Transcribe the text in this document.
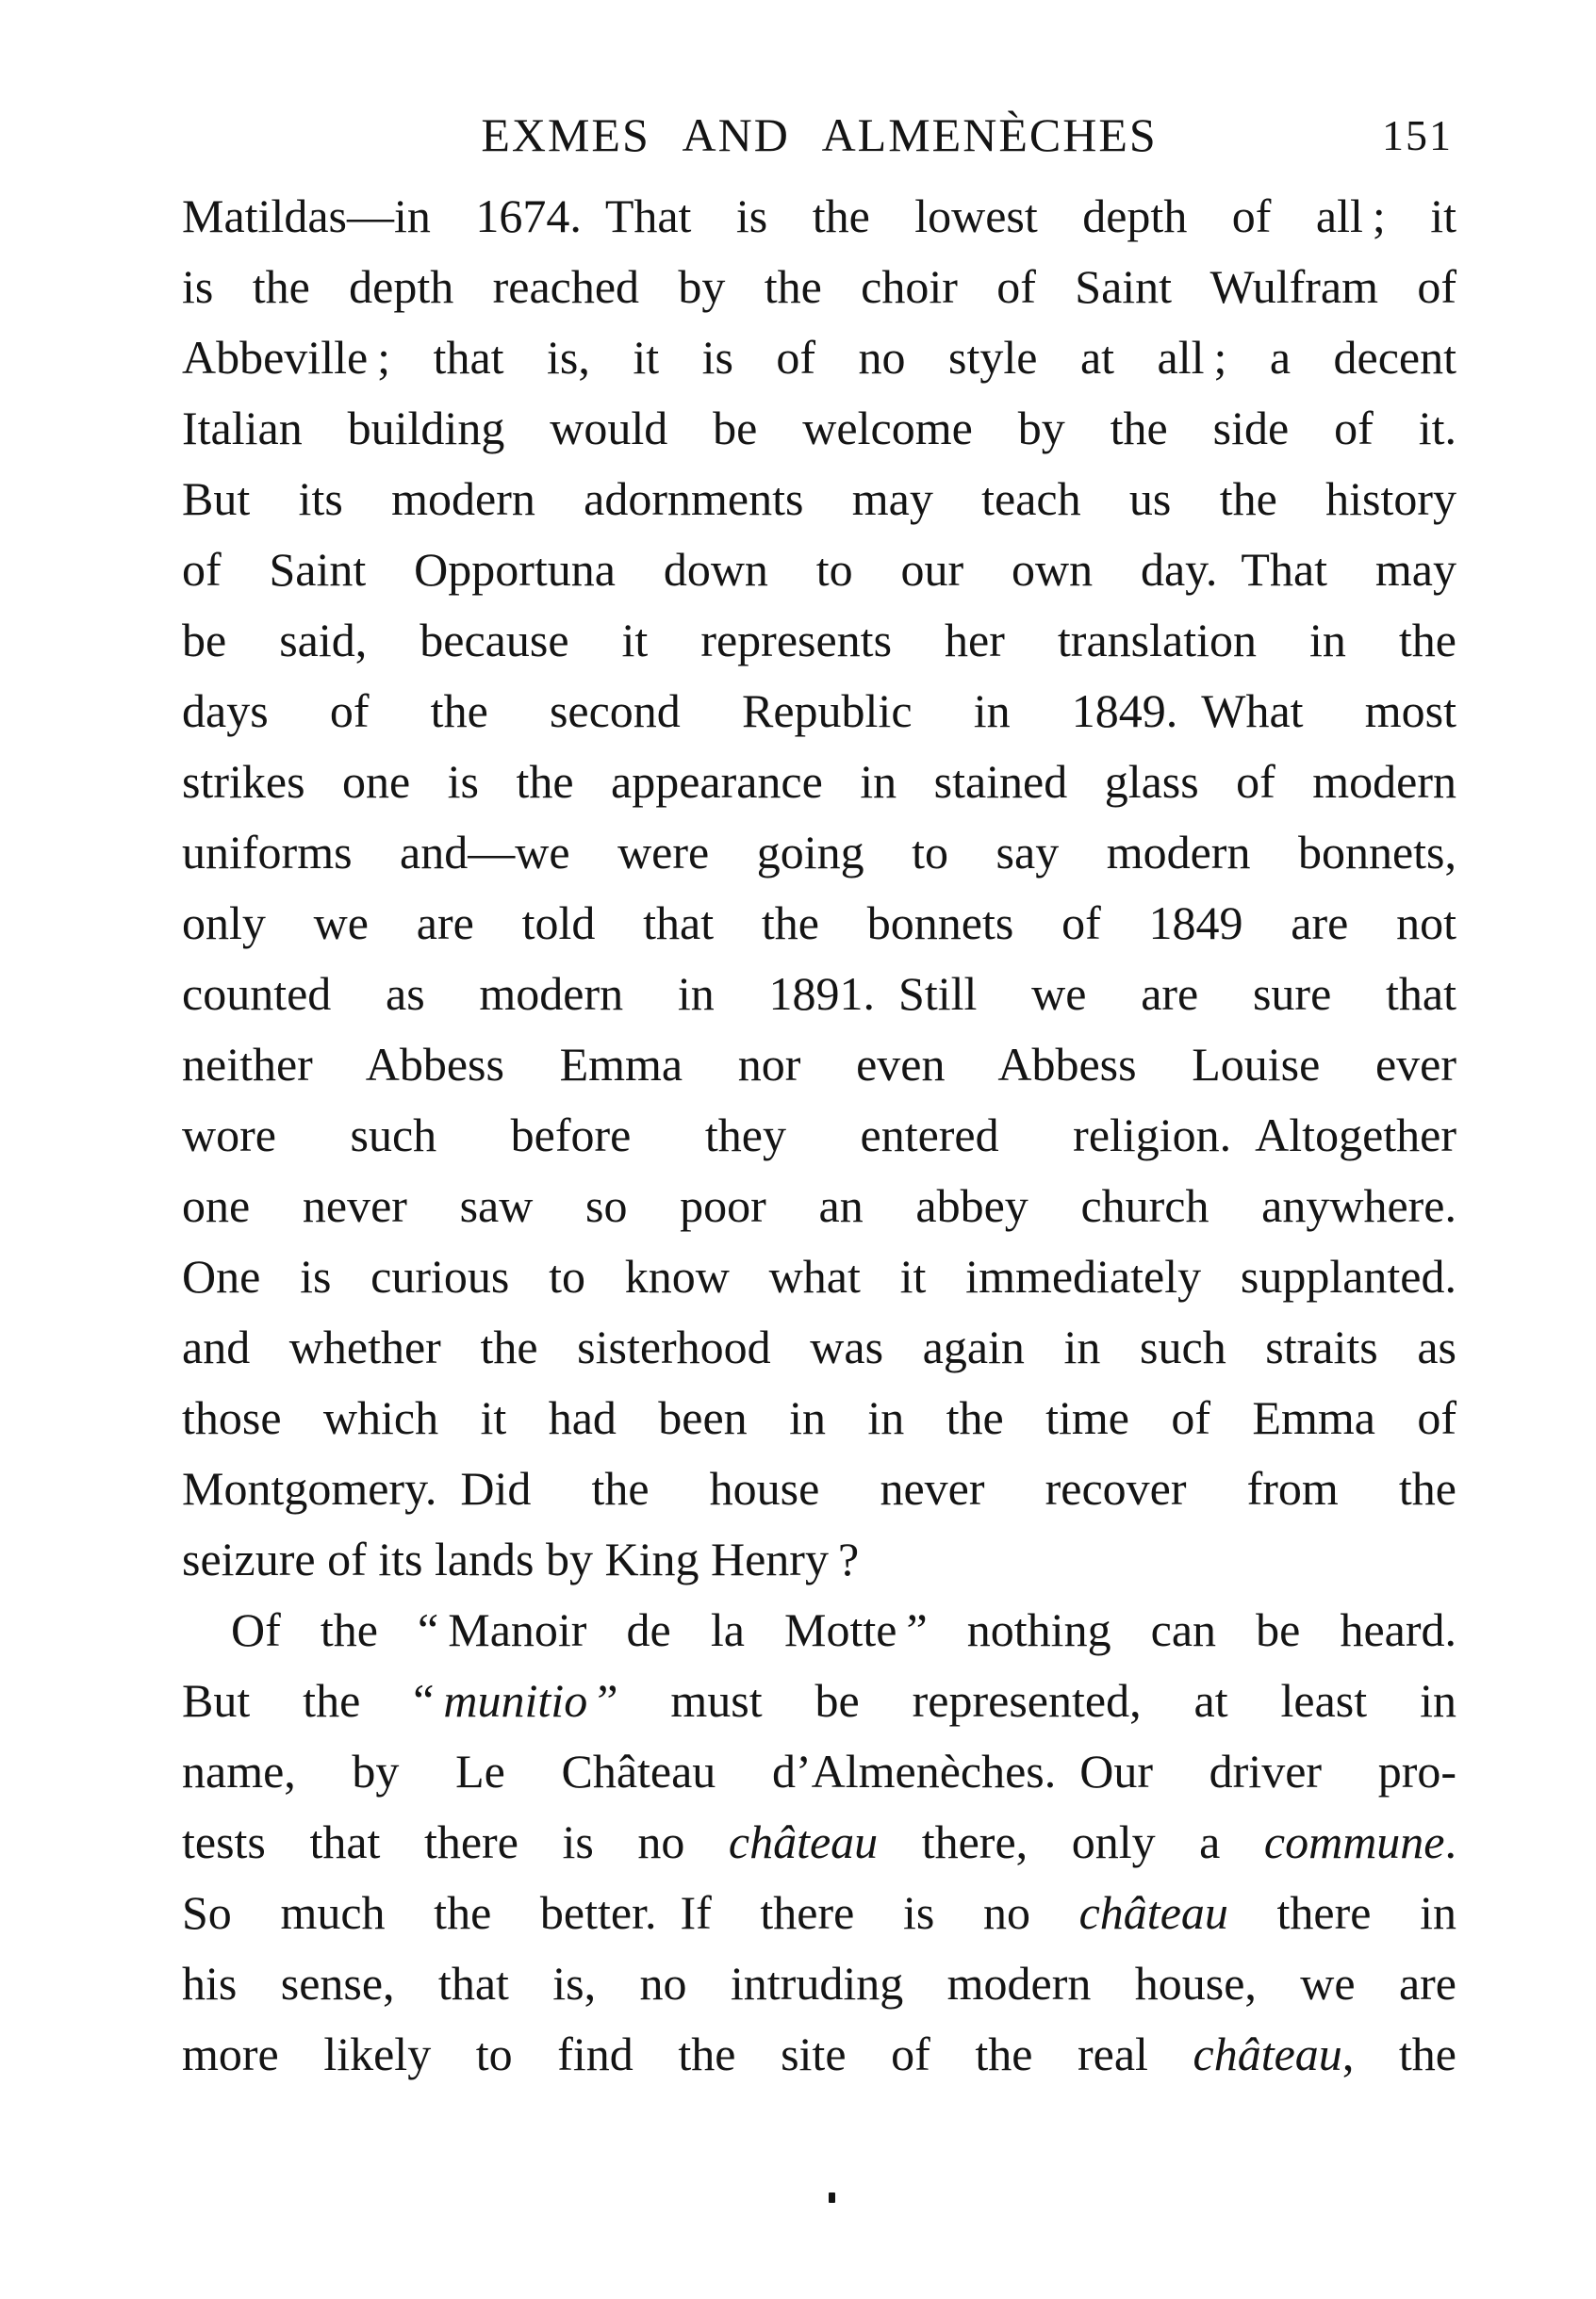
EXMES AND ALMENÈCHES	151
Matildas—in 1674. That is the lowest depth of all ; it
is the depth reached by the choir of Saint Wulfram of
Abbeville ; that is, it is of no style at all ; a decent
Italian building would be welcome by the side of it.
But its modern adornments may teach us the history
of Saint Opportuna down to our own day. That may
be said, because it represents her translation in the
days of the second Republic in 1849. What most
strikes one is the appearance in stained glass of modern
uniforms and—we were going to say modern bonnets,
only we are told that the bonnets of 1849 are not
counted as modern in 1891. Still we are sure that
neither Abbess Emma nor even Abbess Louise ever
wore such before they entered religion. Altogether
one never saw so poor an abbey church anywhere.
One is curious to know what it immediately supplanted.
and whether the sisterhood was again in such straits as
those which it had been in in the time of Emma of
Montgomery. Did the house never recover from the
seizure of its lands by King Henry ?
Of the “ Manoir de la Motte ” nothing can be heard.
But the “ munitio ” must be represented, at least in
name, by Le Château d’Almenèches. Our driver pro-
tests that there is no château there, only a commune.
So much the better. If there is no château there in
his sense, that is, no intruding modern house, we are
more likely to find the site of the real château, the
